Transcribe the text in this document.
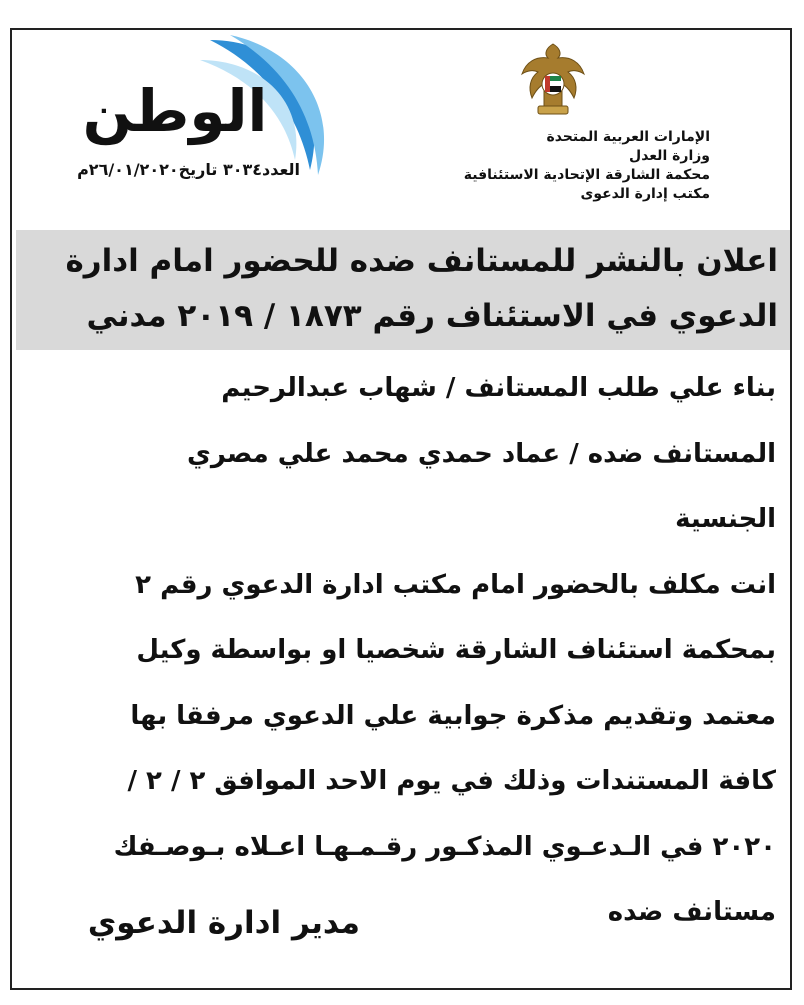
الوطن
العدد٣٠٣٤ تاريخ٢٦/٠١/٢٠٢٠م
الإمارات العربية المتحدة
وزارة العدل
محكمة الشارقة الإتحادية الاستئنافية
مكتب إدارة الدعوى
اعلان بالنشر للمستانف ضده للحضور امام ادارة
الدعوي في الاستئناف رقم ١٨٧٣ / ٢٠١٩ مدني
بناء علي طلب المستانف / شهاب عبدالرحيم
المستانف ضده / عماد حمدي محمد علي مصري
الجنسية
انت مكلف بالحضور امام مكتب ادارة الدعوي رقم ٢
بمحكمة استئناف الشارقة شخصيا او بواسطة وكيل
معتمد وتقديم مذكرة جوابية علي الدعوي مرفقا بها
كافة المستندات وذلك في يوم الاحد الموافق ٢ / ٢ /
٢٠٢٠ في الـدعـوي المذكـور رقـمـهـا اعـلاه بـوصـفك
مستانف ضده
مدير ادارة الدعوي
